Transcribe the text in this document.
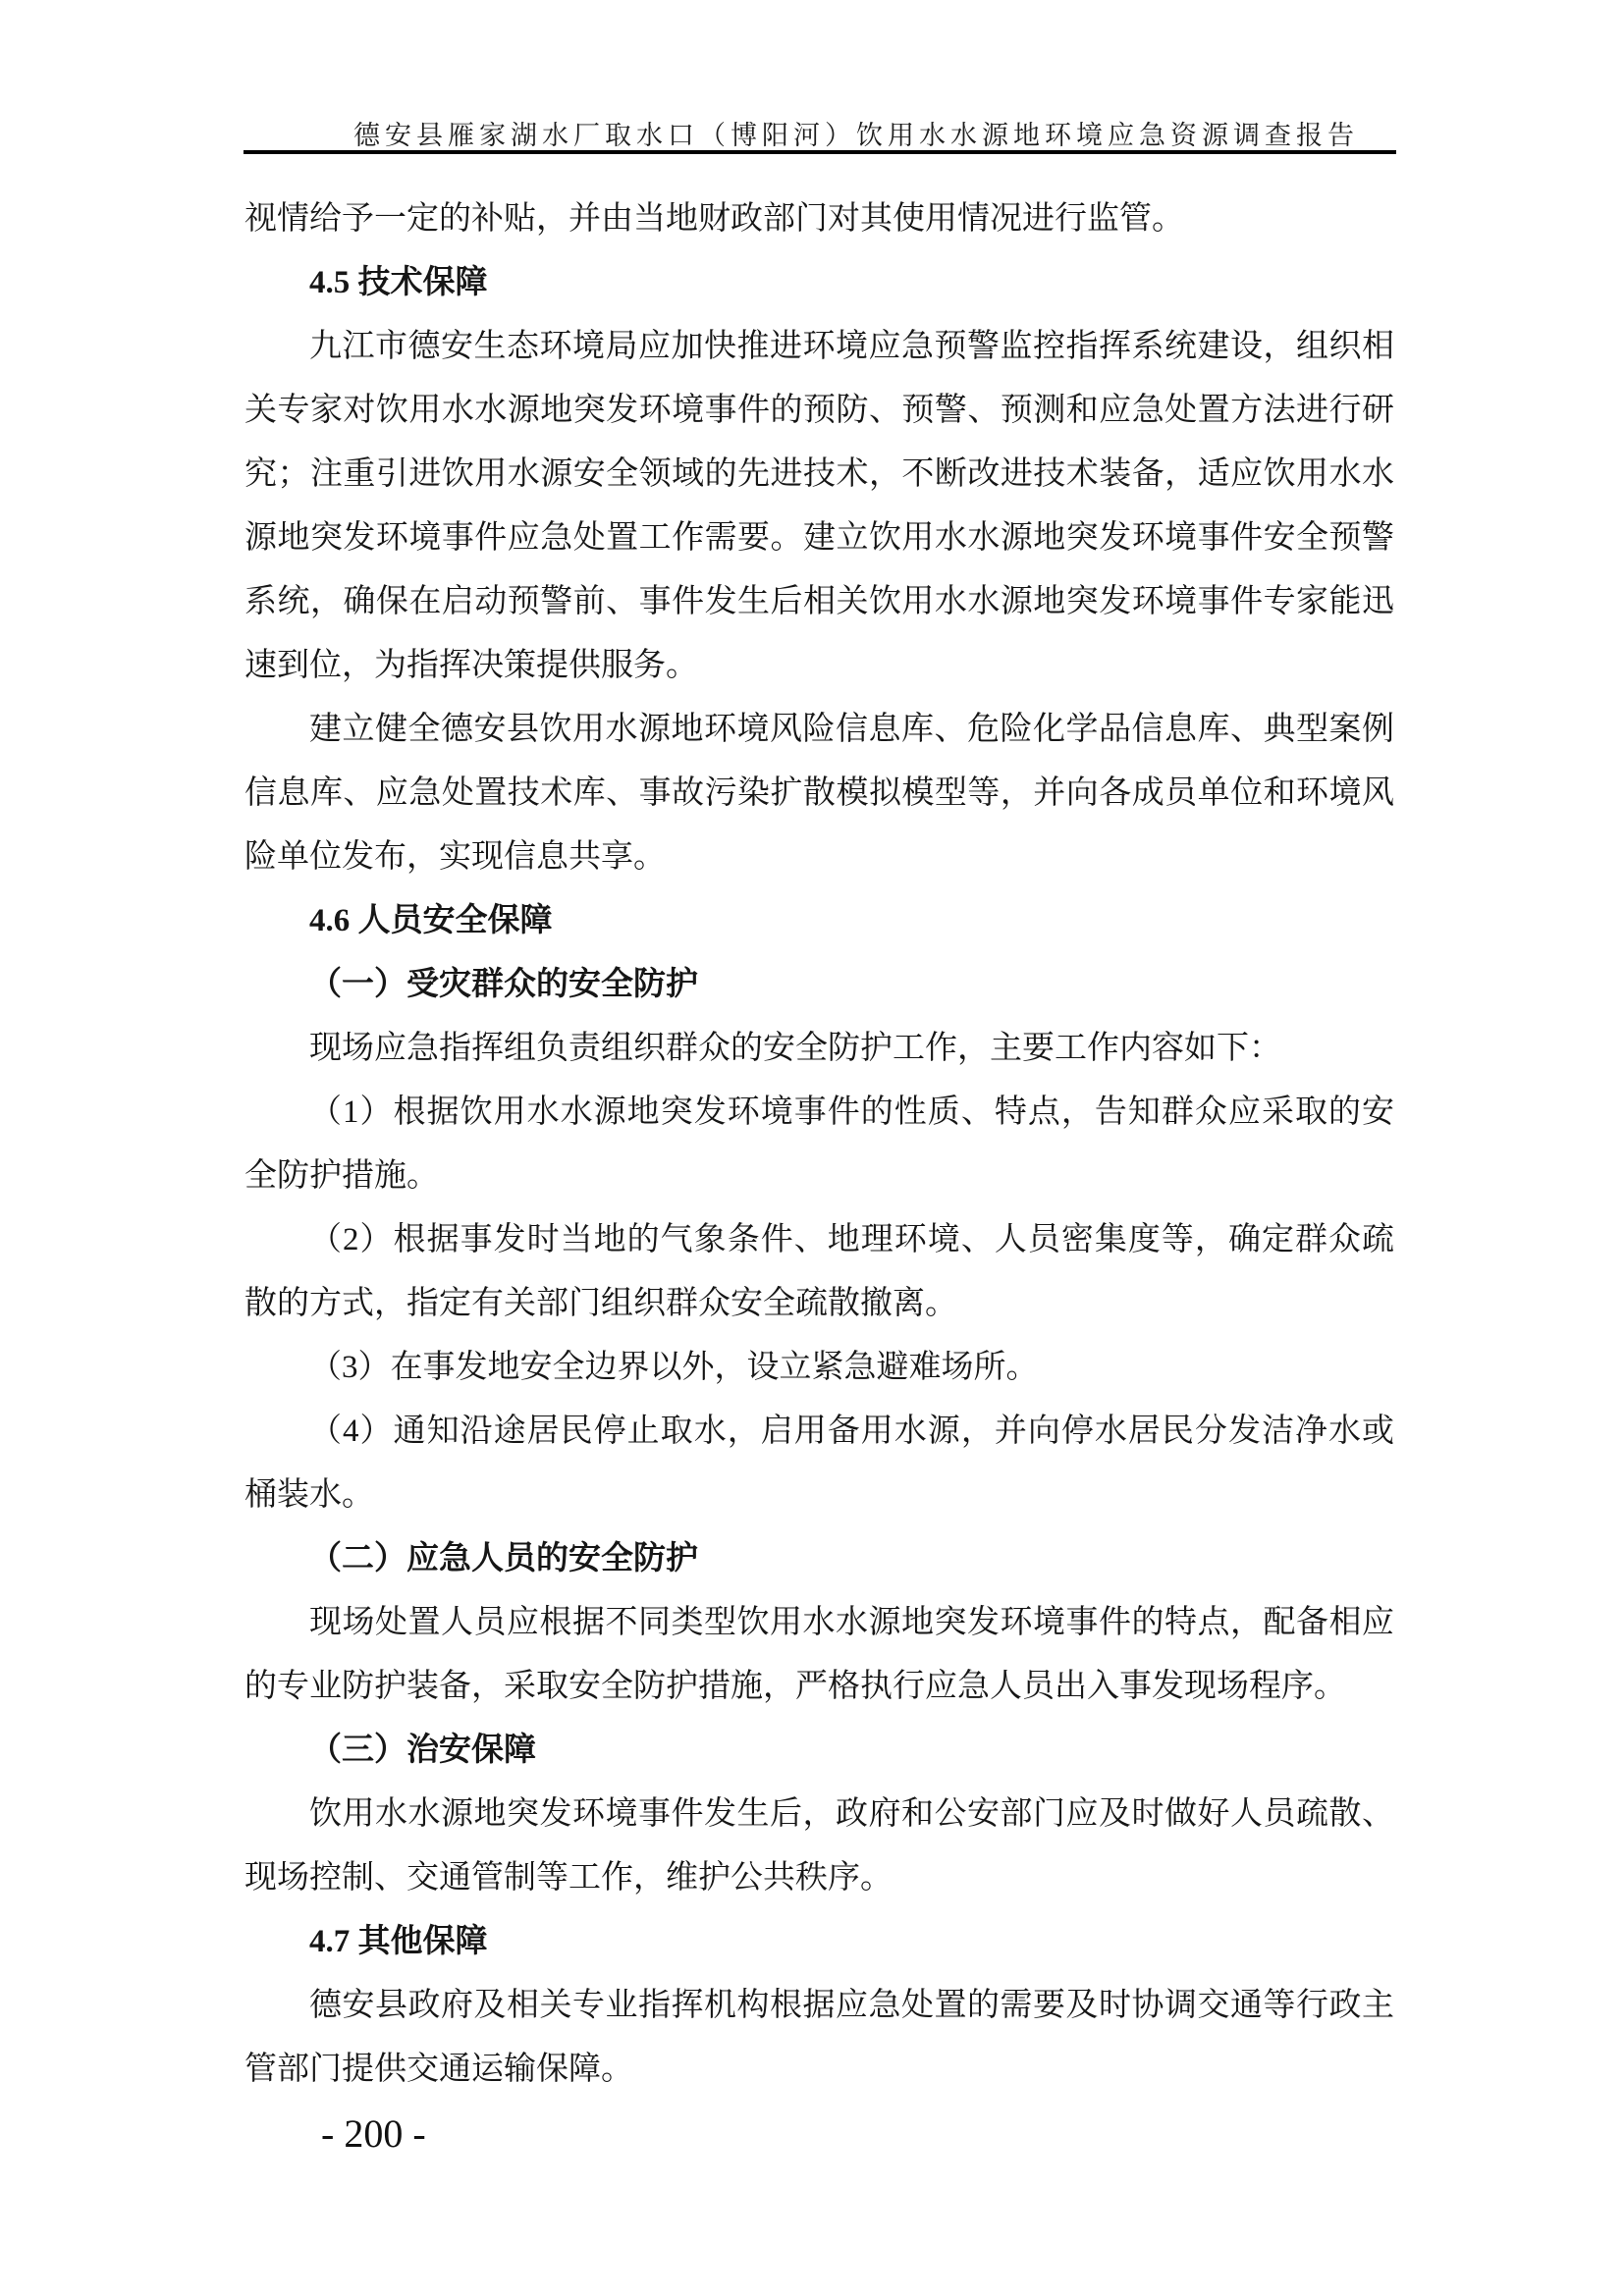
德安县雁家湖水厂取水口（博阳河）饮用水水源地环境应急资源调查报告

视情给予一定的补贴，并由当地财政部门对其使用情况进行监管。

4.5 技术保障

九江市德安生态环境局应加快推进环境应急预警监控指挥系统建设，组织相关专家对饮用水水源地突发环境事件的预防、预警、预测和应急处置方法进行研究；注重引进饮用水源安全领域的先进技术，不断改进技术装备，适应饮用水水源地突发环境事件应急处置工作需要。建立饮用水水源地突发环境事件安全预警系统，确保在启动预警前、事件发生后相关饮用水水源地突发环境事件专家能迅速到位，为指挥决策提供服务。

建立健全德安县饮用水源地环境风险信息库、危险化学品信息库、典型案例信息库、应急处置技术库、事故污染扩散模拟模型等，并向各成员单位和环境风险单位发布，实现信息共享。

4.6 人员安全保障

（一）受灾群众的安全防护

现场应急指挥组负责组织群众的安全防护工作，主要工作内容如下：

（1）根据饮用水水源地突发环境事件的性质、特点，告知群众应采取的安全防护措施。

（2）根据事发时当地的气象条件、地理环境、人员密集度等，确定群众疏散的方式，指定有关部门组织群众安全疏散撤离。

（3）在事发地安全边界以外，设立紧急避难场所。

（4）通知沿途居民停止取水，启用备用水源，并向停水居民分发洁净水或桶装水。

（二）应急人员的安全防护

现场处置人员应根据不同类型饮用水水源地突发环境事件的特点，配备相应的专业防护装备，采取安全防护措施，严格执行应急人员出入事发现场程序。

（三）治安保障

饮用水水源地突发环境事件发生后，政府和公安部门应及时做好人员疏散、现场控制、交通管制等工作，维护公共秩序。

4.7 其他保障

德安县政府及相关专业指挥机构根据应急处置的需要及时协调交通等行政主管部门提供交通运输保障。

- 200 -
